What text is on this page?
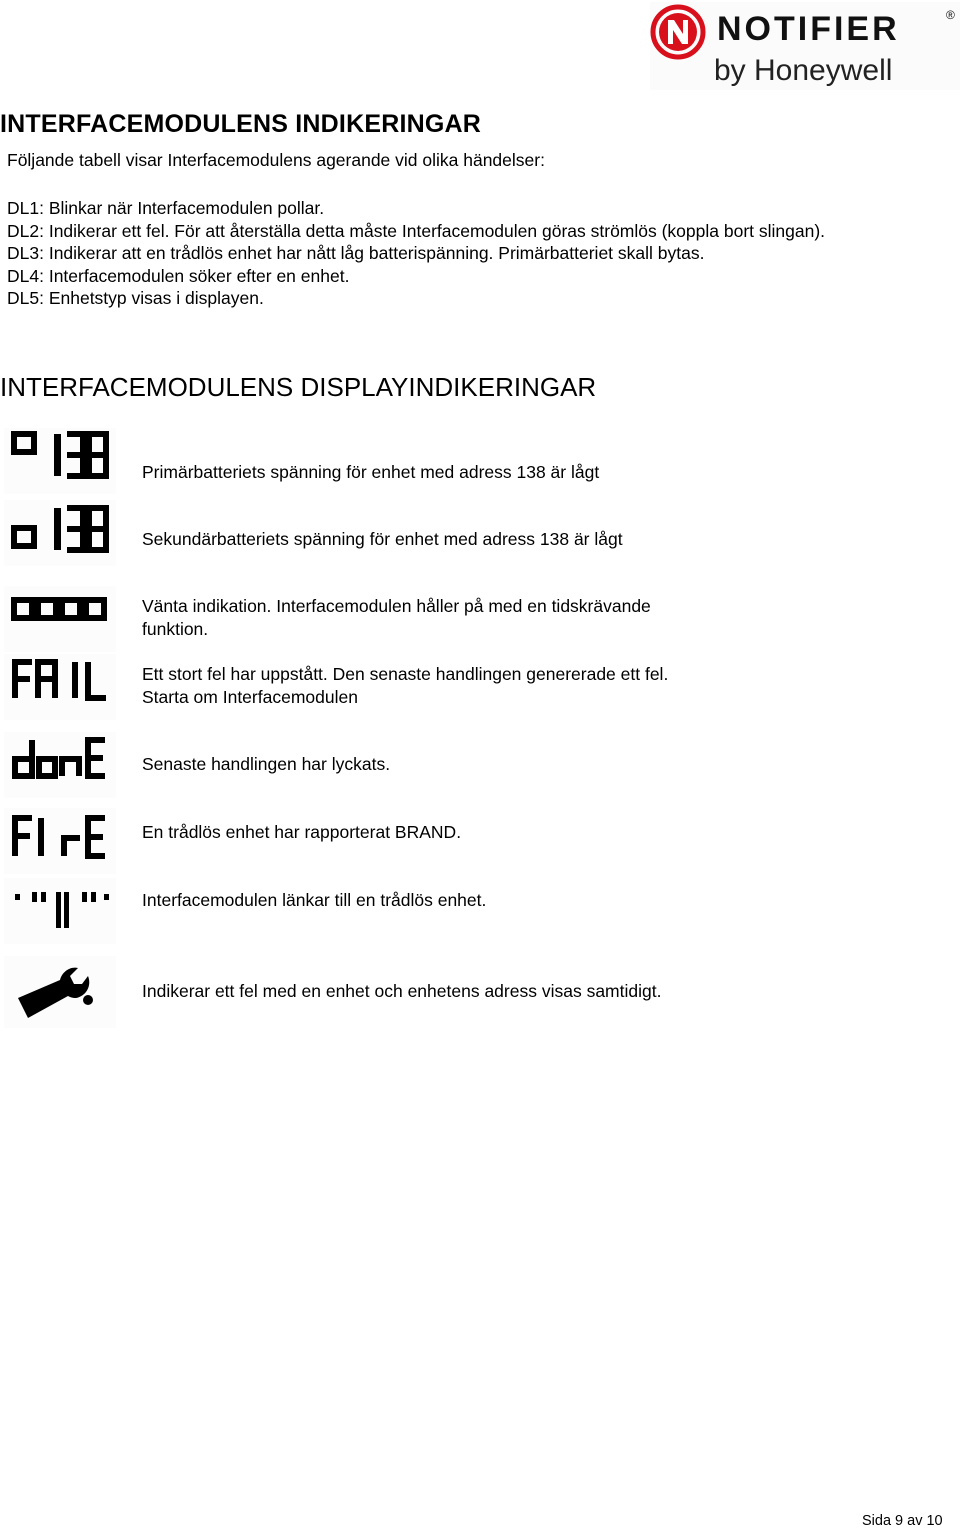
NOTIFIER	®
by Honeywell
INTERFACEMODULENS INDIKERINGAR
Följande tabell visar Interfacemodulens agerande vid olika händelser:
DL1: Blinkar när Interfacemodulen pollar.
DL2: Indikerar ett fel. För att återställa detta måste Interfacemodulen göras strömlös (koppla bort slingan).
DL3: Indikerar att en trådlös enhet har nått låg batterispänning. Primärbatteriet skall bytas.
DL4: Interfacemodulen söker efter en enhet.
DL5: Enhetstyp visas i displayen.
INTERFACEMODULENS DISPLAYINDIKERINGAR
Primärbatteriets spänning för enhet med adress 138 är lågt
Sekundärbatteriets spänning för enhet med adress 138 är lågt
Vänta indikation. Interfacemodulen håller på med en tidskrävande
funktion.
Ett stort fel har uppstått. Den senaste handlingen genererade ett fel.
Starta om Interfacemodulen
Senaste handlingen har lyckats.
En trådlös enhet har rapporterat BRAND.
Interfacemodulen länkar till en trådlös enhet.
Indikerar ett fel med en enhet och enhetens adress visas samtidigt.
Sida 9 av 10
